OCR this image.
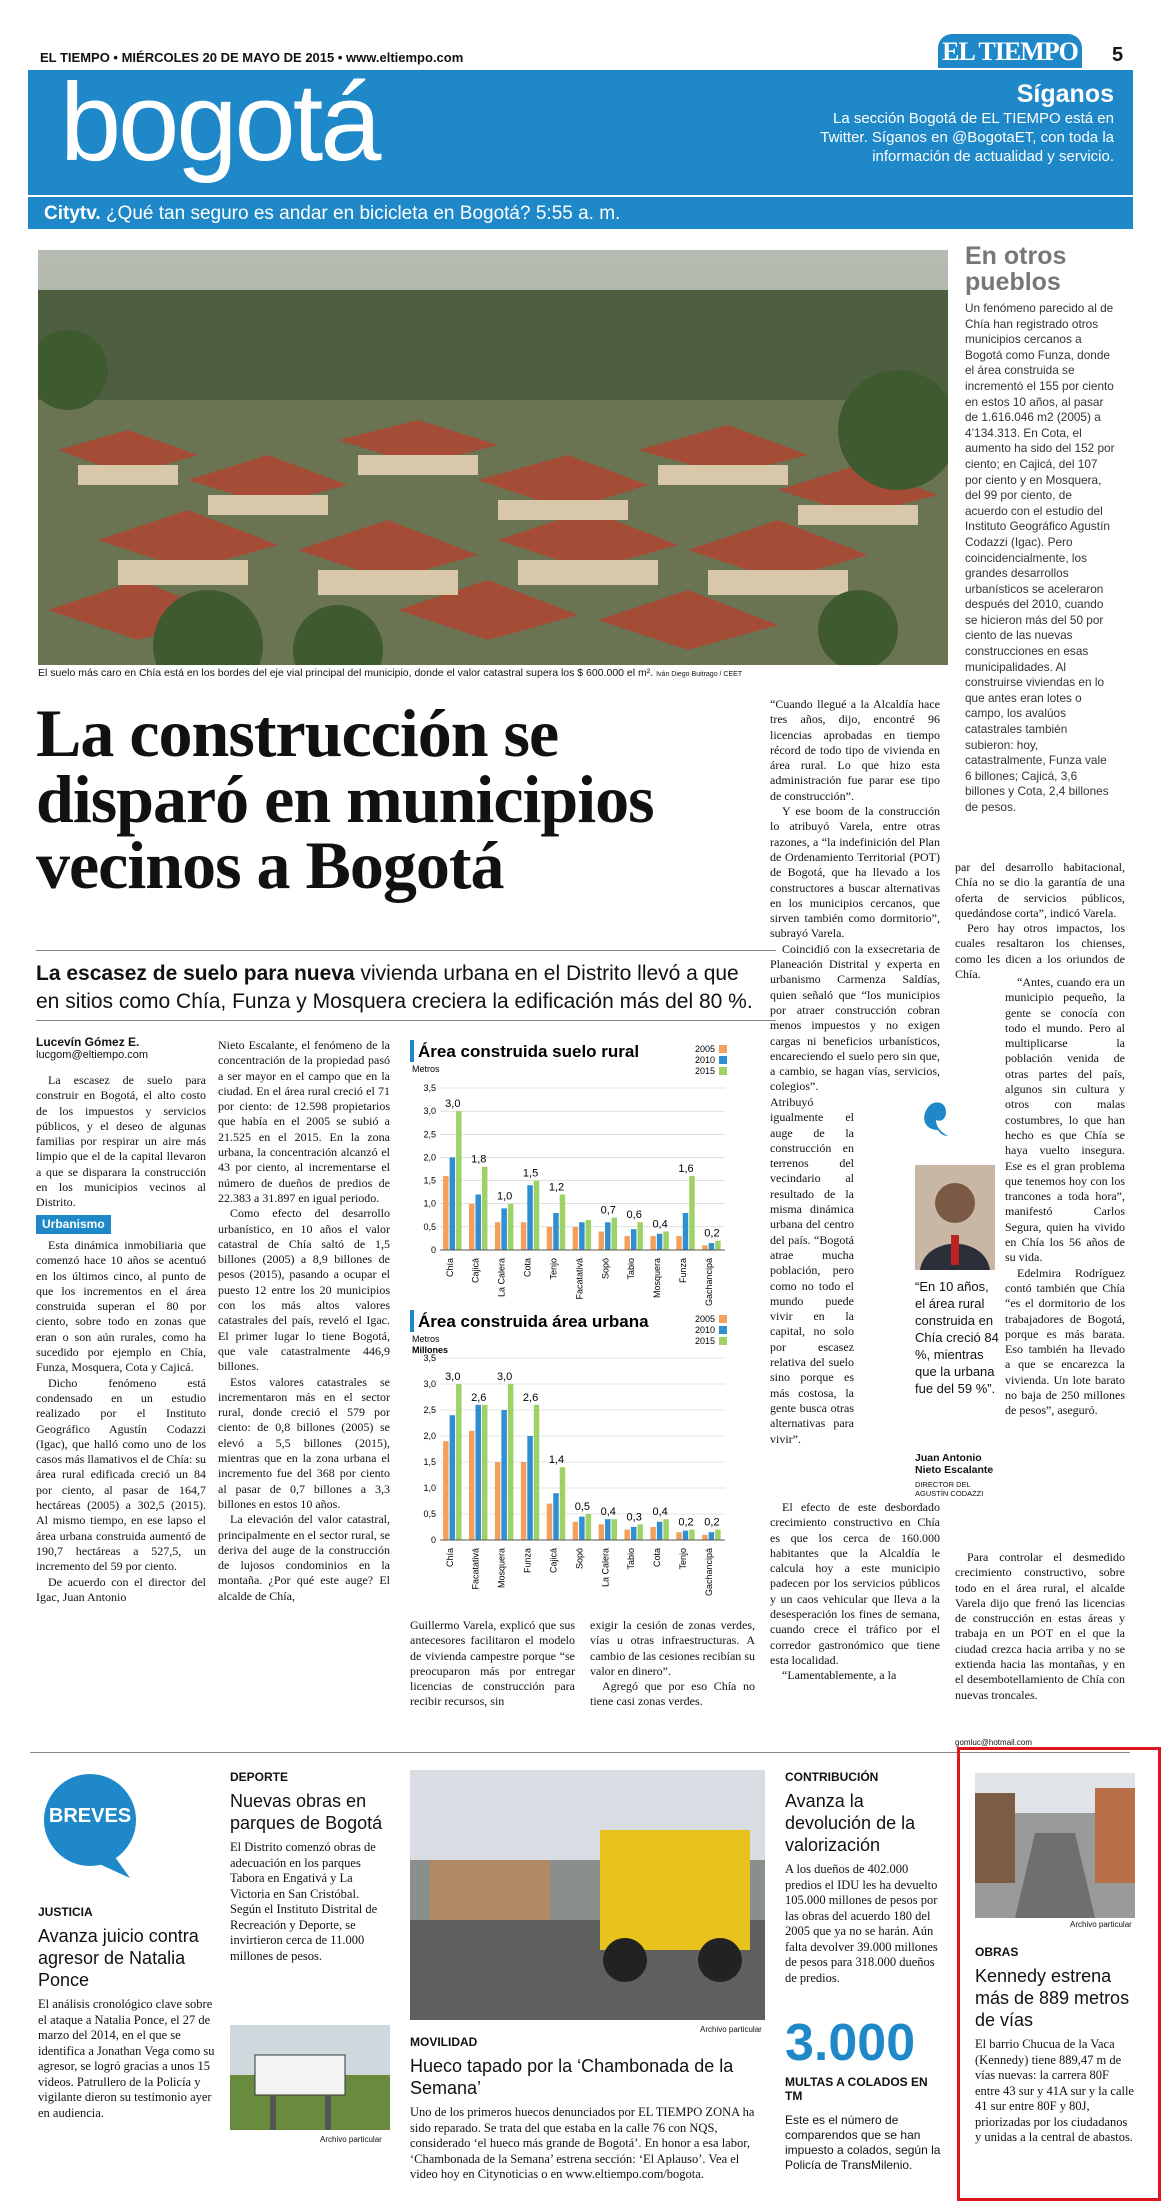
EL TIEMPO • MIÉRCOLES 20 DE MAYO DE 2015 • www.eltiempo.com	EL TIEMPO 5
bogotá	Síganos
La sección Bogotá de EL TIEMPO está en
Twitter. Síganos en @BogotaET, con toda la
información de actualidad y servicio.
Citytv. ¿Qué tan seguro es andar en bicicleta en Bogotá? 5:55 a. m.
El suelo más caro en Chía está en los bordes del eje vial principal del municipio, donde el valor catastral supera los $ 600.000 el m². Iván Diego Buitrago / CEET
En otros pueblos
Un fenómeno parecido al de Chía han registrado otros municipios cercanos a Bogotá como Funza, donde el área construida se incrementó el 155 por ciento en estos 10 años, al pasar de 1.616.046 m2 (2005) a 4’134.313. En Cota, el aumento ha sido del 152 por ciento; en Cajicá, del 107 por ciento y en Mosquera, del 99 por ciento, de acuerdo con el estudio del Instituto Geográfico Agustín Codazzi (Igac). Pero coincidencialmente, los grandes desarrollos urbanísticos se aceleraron después del 2010, cuando se hicieron más del 50 por ciento de las nuevas construcciones en esas municipalidades. Al construirse viviendas en lo que antes eran lotes o campo, los avalúos catastrales también subieron: hoy, catastralmente, Funza vale 6 billones; Cajicá, 3,6 billones y Cota, 2,4 billones de pesos.
La construcción se
disparó en municipios
vecinos a Bogotá
La escasez de suelo para nueva vivienda urbana en el Distrito llevó a que
en sitios como Chía, Funza y Mosquera creciera la edificación más del 80 %.
Lucevín Gómez E.
lucgom@eltiempo.com

La escasez de suelo para construir en Bogotá, el alto costo de los impuestos y servicios públicos, y el deseo de algunas familias por respirar un aire más limpio que el de la capital llevaron a que se disparara la construcción en los municipios vecinos al Distrito.

Urbanismo

Esta dinámica inmobiliaria que comenzó hace 10 años se acentuó en los últimos cinco, al punto de que los incrementos en el área construida superan el 80 por ciento, sobre todo en zonas que eran o son aún rurales, como ha sucedido por ejemplo en Chía, Funza, Mosquera, Cota y Cajicá.

Dicho fenómeno está condensado en un estudio realizado por el Instituto Geográfico Agustín Codazzi (Igac), que halló como uno de los casos más llamativos el de Chía: su área rural edificada creció un 84 por ciento, al pasar de 164,7 hectáreas (2005) a 302,5 (2015). Al mismo tiempo, en ese lapso el área urbana construida aumentó de 190,7 hectáreas a 527,5, un incremento del 59 por ciento.

De acuerdo con el director del Igac, Juan Antonio

Nieto Escalante, el fenómeno de la concentración de la propiedad pasó a ser mayor en el campo que en la ciudad. En el área rural creció el 71 por ciento: de 12.598 propietarios que había en el 2005 se subió a 21.525 en el 2015. En la zona urbana, la concentración alcanzó el 43 por ciento, al incrementarse el número de dueños de predios de 22.383 a 31.897 en igual periodo.

Como efecto del desarrollo urbanístico, en 10 años el valor catastral de Chía saltó de 1,5 billones (2005) a 8,9 billones de pesos (2015), pasando a ocupar el puesto 12 entre los 20 municipios con los más altos valores catastrales del país, reveló el Igac. El primer lugar lo tiene Bogotá, que vale catastralmente 446,9 billones.

Estos valores catastrales se incrementaron más en el sector rural, donde creció el 579 por ciento: de 0,8 billones (2005) se elevó a 5,5 billones (2015), mientras que en la zona urbana el incremento fue del 368 por ciento al pasar de 0,7 billones a 3,3 billones en estos 10 años.

La elevación del valor catastral, principalmente en el sector rural, se deriva del auge de la construcción de lujosos condominios en la montaña. ¿Por qué este auge? El alcalde de Chía,

Área construida suelo rural
Metros
2005
2010
2015
0
0,5
1,0
1,5
2,0
2,5
3,0
3,5
3,0
Chía
1,8
Cajicá
1,0
La Calera
1,5
Cota
1,2
Tenjo Facatativá
0,7
Sopó
0,6
Tabio
0,4
Mosquera
1,6
Funza
0,2
Gachancipá
Área construida área urbana
Metros
Millones
2005
2010
2015
0
0,5
1,0
1,5
2,0
2,5
3,0
3,5
3,0
Chía
2,6
Facatativá
3,0
Mosquera
2,6
Funza
1,4
Cajicá
0,5
Sopó
0,4
La Calera
0,3
Tabio
0,4
Cota
0,2
Tenjo
0,2
Gachancipá

Guillermo Varela, explicó que sus antecesores facilitaron el modelo de vivienda campestre porque “se preocuparon más por entregar licencias de construcción para recibir recursos, sin

exigir la cesión de zonas verdes, vías u otras infraestructuras. A cambio de las cesiones recibían su valor en dinero”.

Agregó que por eso Chía no tiene casi zonas verdes.

“Cuando llegué a la Alcaldía hace tres años, dijo, encontré 96 licencias aprobadas en tiempo récord de todo tipo de vivienda en área rural. Lo que hizo esta administración fue parar ese tipo de construcción”.

Y ese boom de la construcción lo atribuyó Varela, entre otras razones, a “la indefinición del Plan de Ordenamiento Territorial (POT) de Bogotá, que ha llevado a los constructores a buscar alternativas en los municipios cercanos, que sirven también como dormitorio”, subrayó Varela.

Coincidió con la exsecretaria de Planeación Distrital y experta en urbanismo Carmenza Saldías, quien señaló que “los municipios por atraer construcción cobran menos impuestos y no exigen cargas ni beneficios urbanísticos, encareciendo el suelo pero sin que, a cambio, se hagan vías, servicios, colegios”.

Atribuyó igualmente el auge de la construcción en terrenos del vecindario al resultado de la misma dinámica urbana del centro del país. “Bogotá atrae mucha población, pero como no todo el mundo puede vivir en la capital, no solo por escasez relativa del suelo sino porque es más costosa, la gente busca otras alternativas para vivir”.

El efecto de este desbordado crecimiento constructivo en Chía es que los cerca de 160.000 habitantes que la Alcaldía le calcula hoy a este municipio padecen por los servicios públicos y un caos vehicular que lleva a la desesperación los fines de semana, cuando crece el tráfico por el corredor gastronómico que tiene esta localidad.

“Lamentablemente, a la

“En 10 años, el área rural construida en Chía creció 84 %, mientras que la urbana fue del 59 %”.
Juan Antonio Nieto Escalante
DIRECTOR DEL AGUSTÍN CODAZZI

par del desarrollo habitacional, Chía no se dio la garantía de una oferta de servicios públicos, quedándose corta”, indicó Varela.

Pero hay otros impactos, los cuales resaltaron los chienses, como les dicen a los oriundos de Chía.

“Antes, cuando era un municipio pequeño, la gente se conocía con todo el mundo. Pero al multiplicarse la población venida de otras partes del país, algunos sin cultura y otros con malas costumbres, lo que han hecho es que Chía se haya vuelto insegura. Ese es el gran problema que tenemos hoy con los trancones a toda hora”, manifestó Carlos Segura, quien ha vivido en Chía los 56 años de su vida.

Edelmira Rodríguez contó también que Chía “es el dormitorio de los trabajadores de Bogotá, porque es más barata. Eso también ha llevado a que se encarezca la vivienda. Un lote barato no baja de 250 millones de pesos”, aseguró.

Para controlar el desmedido crecimiento constructivo, sobre todo en el área rural, el alcalde Varela dijo que frenó las licencias de construcción en estas áreas y trabaja en un POT en el que la ciudad crezca hacia arriba y no se extienda hacia las montañas, y en el desembotellamiento de Chía con nuevas troncales.

gomluc@hotmail.com
BREVES
JUSTICIA
Avanza juicio contra agresor de Natalia Ponce
El análisis cronológico clave sobre el ataque a Natalia Ponce, el 27 de marzo del 2014, en el que se identifica a Jonathan Vega como su agresor, se logró gracias a unos 15 videos. Patrullero de la Policía y vigilante dieron su testimonio ayer en audiencia.
DEPORTE
Nuevas obras en parques de Bogotá
El Distrito comenzó obras de adecuación en los parques Tabora en Engativá y La Victoria en San Cristóbal. Según el Instituto Distrital de Recreación y Deporte, se invirtieron cerca de 11.000 millones de pesos.
Archivo particular
Archivo particular
MOVILIDAD
Hueco tapado por la ‘Chambonada de la Semana’
Uno de los primeros huecos denunciados por EL TIEMPO ZONA ha sido reparado. Se trata del que estaba en la calle 76 con NQS, considerado ‘el hueco más grande de Bogotá’. En honor a esa labor, ‘Chambonada de la Semana’ estrena sección: ‘El Aplauso’. Vea el video hoy en Citynoticias o en www.eltiempo.com/bogota.
CONTRIBUCIÓN
Avanza la devolución de la valorización
A los dueños de 402.000 predios el IDU les ha devuelto 105.000 millones de pesos por las obras del acuerdo 180 del 2005 que ya no se harán. Aún falta devolver 39.000 millones de pesos para 318.000 dueños de predios.
3.000
MULTAS A COLADOS EN TM
Este es el número de comparendos que se han impuesto a colados, según la Policía de TransMilenio.
Archivo particular
OBRAS
Kennedy estrena más de 889 metros de vías
El barrio Chucua de la Vaca (Kennedy) tiene 889,47 m de vías nuevas: la carrera 80F entre 43 sur y 41A sur y la calle 41 sur entre 80F y 80J, priorizadas por los ciudadanos y unidas a la central de abastos.
